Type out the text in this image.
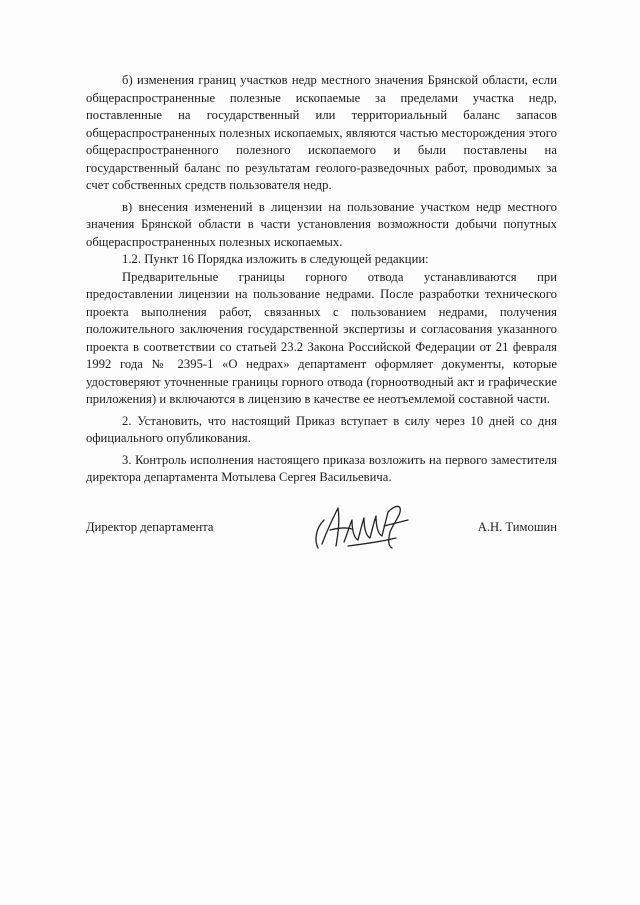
б) изменения границ участков недр местного значения Брянской области, если общераспространенные полезные ископаемые за пределами участка недр, поставленные на государственный или территориальный баланс запасов общераспространенных полезных ископаемых, являются частью месторождения этого общераспространенного полезного ископаемого и были поставлены на государственный баланс по результатам геолого-разведочных работ, проводимых за счет собственных средств пользователя недр.

в) внесения изменений в лицензии на пользование участком недр местного значения Брянской области в части установления возможности добычи попутных общераспространенных полезных ископаемых.

1.2. Пункт 16 Порядка изложить в следующей редакции:

Предварительные границы горного отвода устанавливаются при предоставлении лицензии на пользование недрами. После разработки технического проекта выполнения работ, связанных с пользованием недрами, получения положительного заключения государственной экспертизы и согласования указанного проекта в соответствии со статьей 23.2 Закона Российской Федерации от 21 февраля 1992 года № 2395-1 «О недрах» департамент оформляет документы, которые удостоверяют уточненные границы горного отвода (горноотводный акт и графические приложения) и включаются в лицензию в качестве ее неотъемлемой составной части.

2. Установить, что настоящий Приказ вступает в силу через 10 дней со дня официального опубликования.

3. Контроль исполнения настоящего приказа возложить на первого заместителя директора департамента Мотылева Сергея Васильевича.

Директор департамента	А.Н. Тимошин
